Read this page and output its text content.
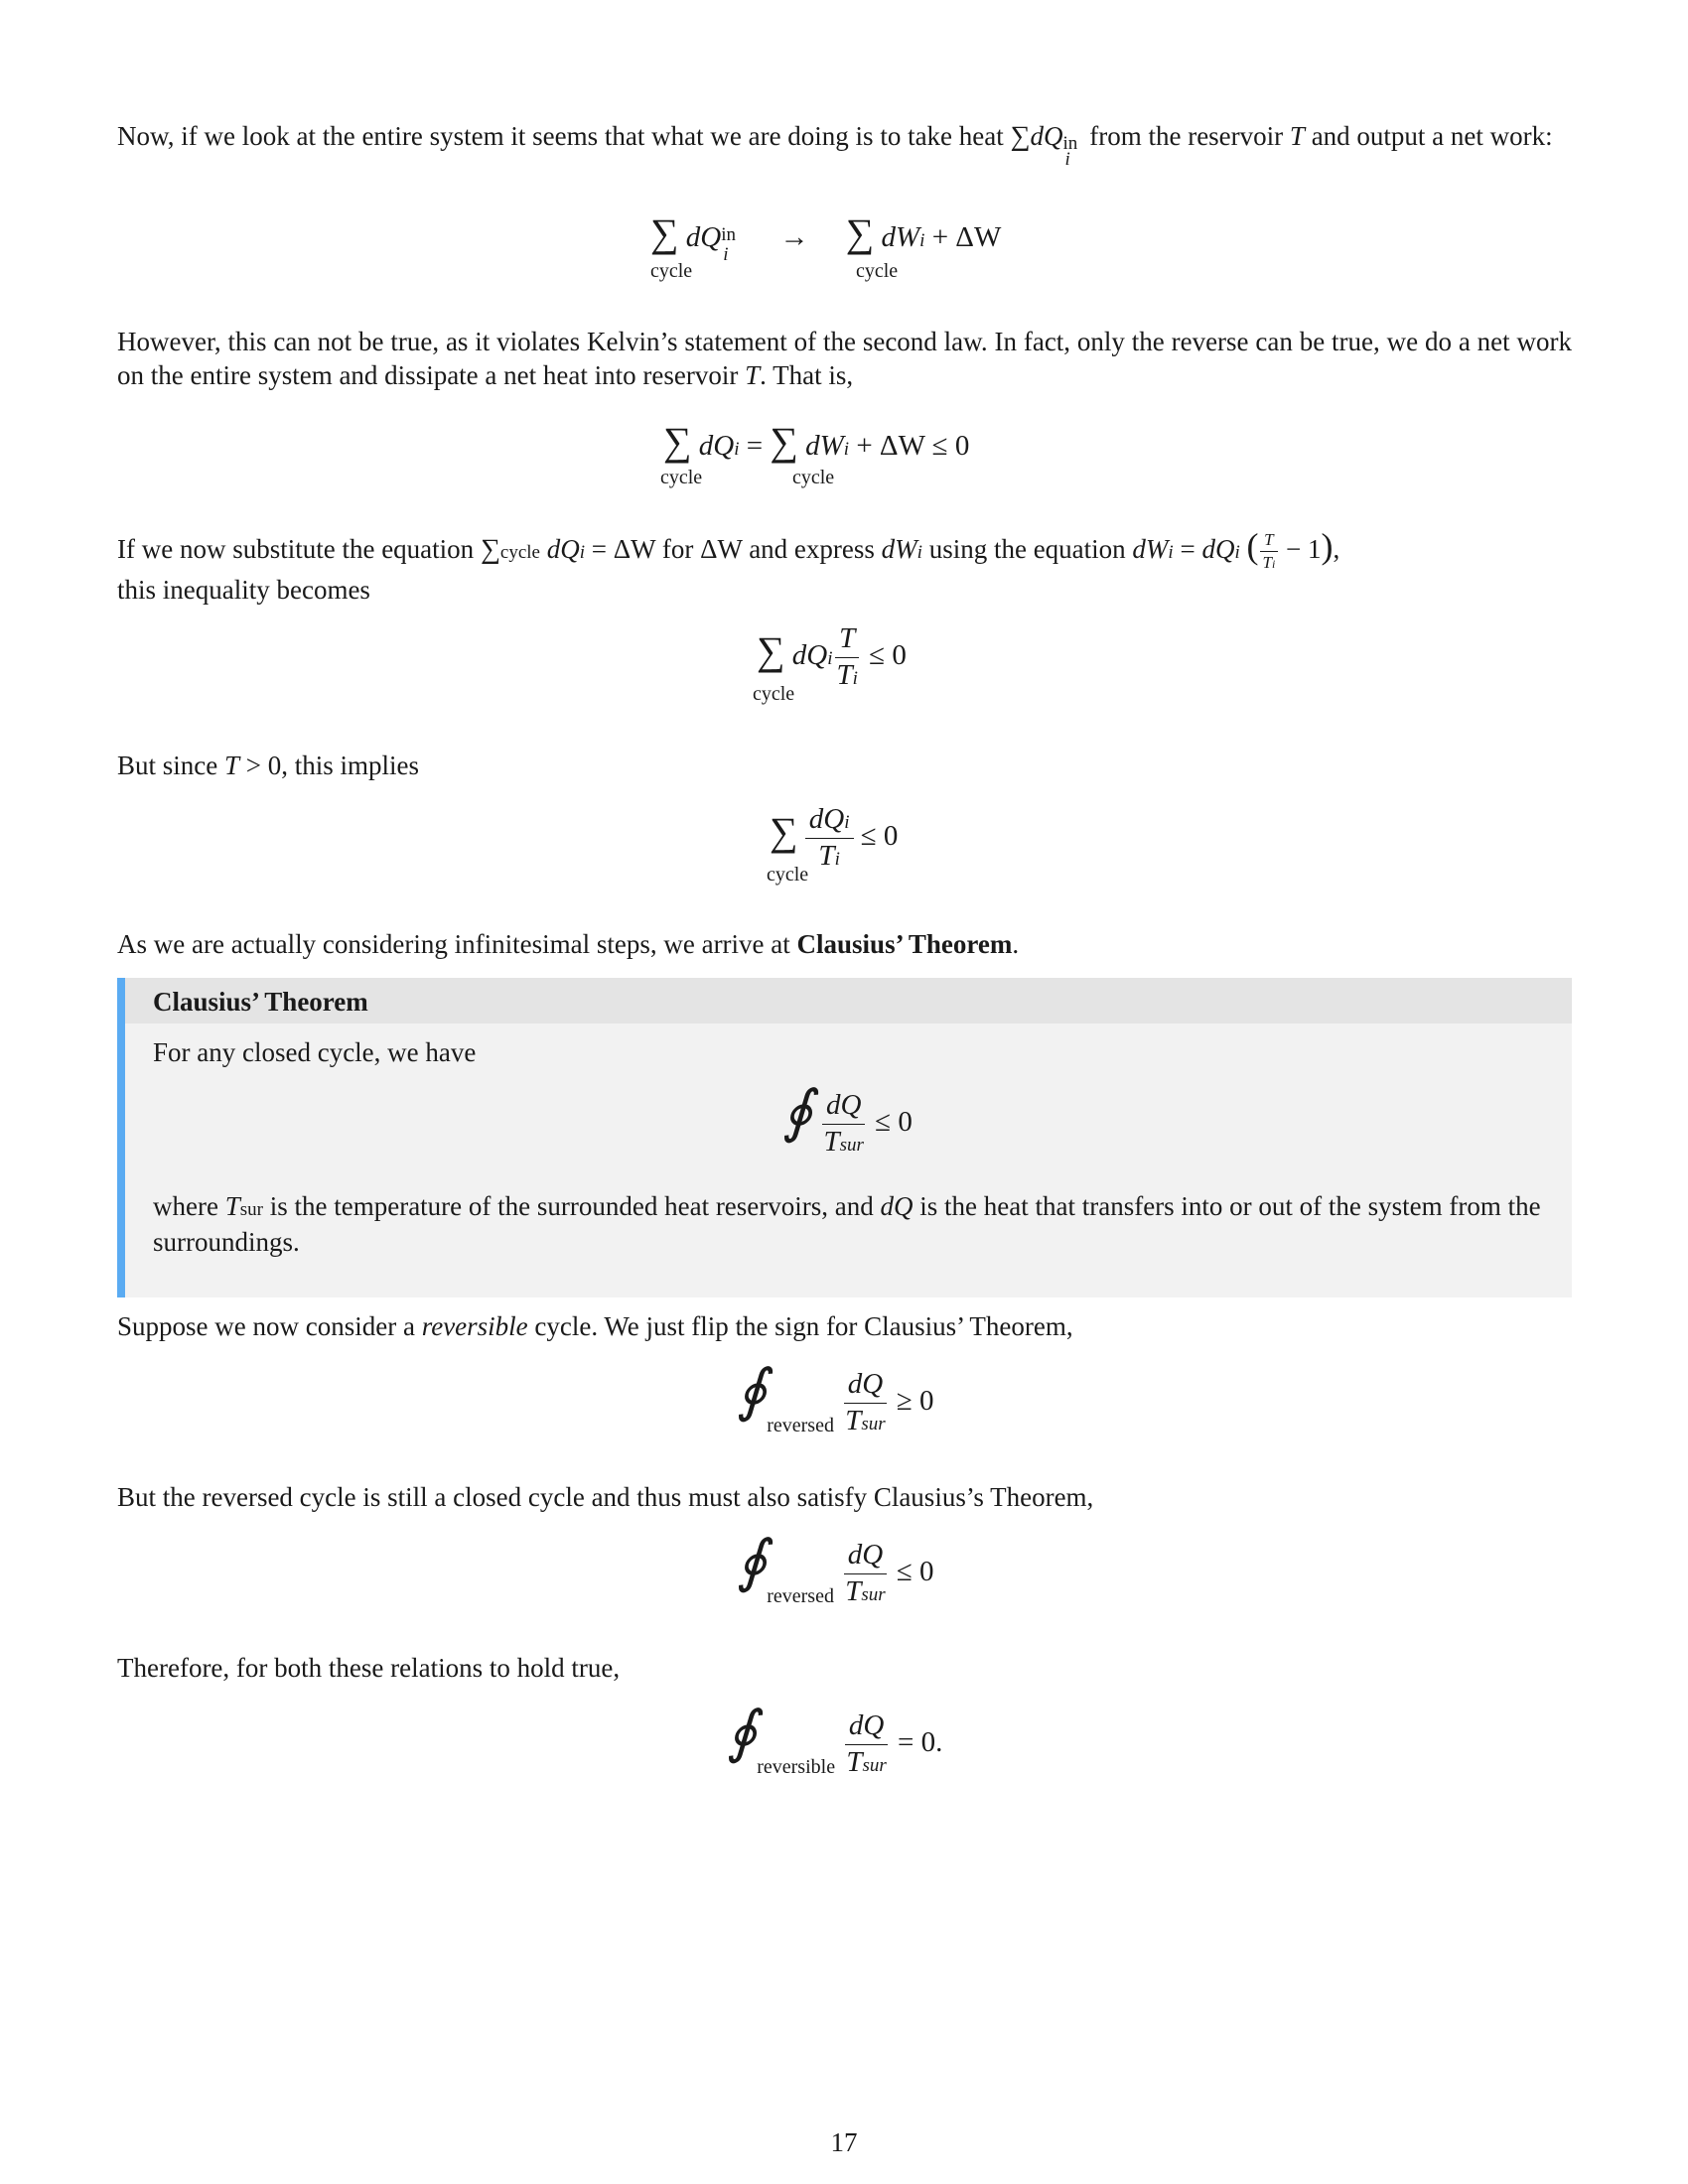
Now, if we look at the entire system it seems that what we are doing is to take heat ∑dQ in
i
from the reservoir T and output a net work:

∑ dQ in
i
→ ∑ dWi + ΔW
cycle	cycle

However, this can not be true, as it violates Kelvin’s statement of the second law. In fact, only the reverse can be true, we do a net work on the entire system and dissipate a net heat into reservoir T. That is,

∑ dQi = ∑ dWi + ΔW ≤ 0
cycle	cycle

If we now substitute the equation ∑cycle dQi = ΔW for ΔW and express dWi using the equation dWi = dQi ( $\frac{T}{Ti} - 1$),
this inequality becomes

∑ dQi $\frac{T}{Ti} \le 0$
cycle

But since T > 0, this implies

∑ $\frac{\text{dQi}}{Ti} \le 0$
cycle

As we are actually considering infinitesimal steps, we arrive at Clausius’ Theorem.

Clausius’ Theorem
For any closed cycle, we have
∮ $\frac{dQ}{\text{Tsur}} \le 0$
where Tsur is the temperature of the surrounded heat reservoirs, and dQ is the heat that transfers into or out of the system from the surroundings.

Suppose we now consider a reversible cycle. We just flip the sign for Clausius’ Theorem,

$∮_{reversed} \frac{dQ}{\text{Tsur}} \ge 0$

But the reversed cycle is still a closed cycle and thus must also satisfy Clausius’s Theorem,

$∮_{reversed} \frac{dQ}{\text{Tsur}} \le 0$

Therefore, for both these relations to hold true,

$∮_{reversible} \frac{dQ}{\text{Tsur}} = 0$.
17
